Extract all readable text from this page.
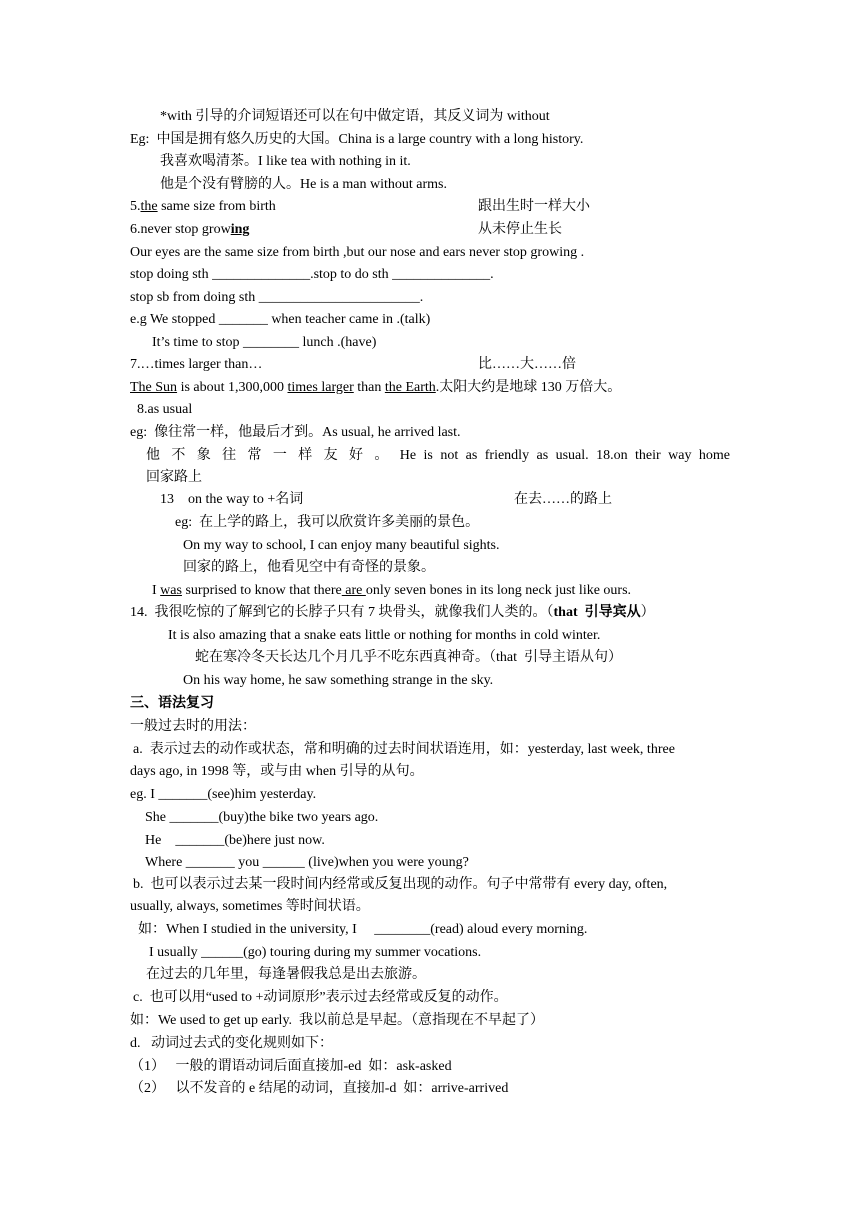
*with 引导的介词短语还可以在句中做定语，其反义词为 without
Eg:  中国是拥有悠久历史的大国。China is a large country with a long history.
我喜欢喝清茶。I like tea with nothing in it.
他是个没有臂膀的人。He is a man without arms.
5.the same size from birth	跟出生时一样大小
6.never stop growing	从未停止生长
Our eyes are the same size from birth ,but our nose and ears never stop growing .
stop doing sth ______________.stop to do sth ______________.
stop sb from doing sth _______________________.
e.g We stopped _______ when teacher came in .(talk)
It’s time to stop ________ lunch .(have)
7.…times larger than…	比……大……倍
The Sun is about 1,300,000 times larger than the Earth.太阳大约是地球 130 万倍大。
8.as usual
eg:  像往常一样，他最后才到。As usual, he arrived last.
他 不 象 往 常 一 样 友 好 。 He is not as friendly as usual. 18.on their way home
回家路上
13    on the way to +名词	在去……的路上
eg:  在上学的路上，我可以欣赏许多美丽的景色。
On my way to school, I can enjoy many beautiful sights.
回家的路上，他看见空中有奇怪的景象。
I was surprised to know that there are only seven bones in its long neck just like ours.
14.  我很吃惊的了解到它的长脖子只有 7 块骨头，就像我们人类的。（that  引导宾从）
It is also amazing that a snake eats little or nothing for months in cold winter.
蛇在寒冷冬天长达几个月几乎不吃东西真神奇。（that  引导主语从句）
On his way home, he saw something strange in the sky.
三、语法复习
一般过去时的用法：
a.  表示过去的动作或状态，常和明确的过去时间状语连用，如：yesterday, last week, three
days ago, in 1998 等，或与由 when 引导的从句。
eg. I _______(see)him yesterday.
She _______(buy)the bike two years ago.
He    _______(be)here just now.
Where _______ you ______ (live)when you were young?
b.  也可以表示过去某一段时间内经常或反复出现的动作。句子中常带有 every day, often,
usually, always, sometimes 等时间状语。
如：When I studied in the university, I     ________(read) aloud every morning.
I usually ______(go) touring during my summer vocations.
在过去的几年里，每逢暑假我总是出去旅游。
c.  也可以用“used to +动词原形”表示过去经常或反复的动作。
如：We used to get up early.  我以前总是早起。（意指现在不早起了）
d.   动词过去式的变化规则如下：
（1）   一般的谓语动词后面直接加-ed  如：ask-asked
（2）   以不发音的 e 结尾的动词，直接加-d  如：arrive-arrived
